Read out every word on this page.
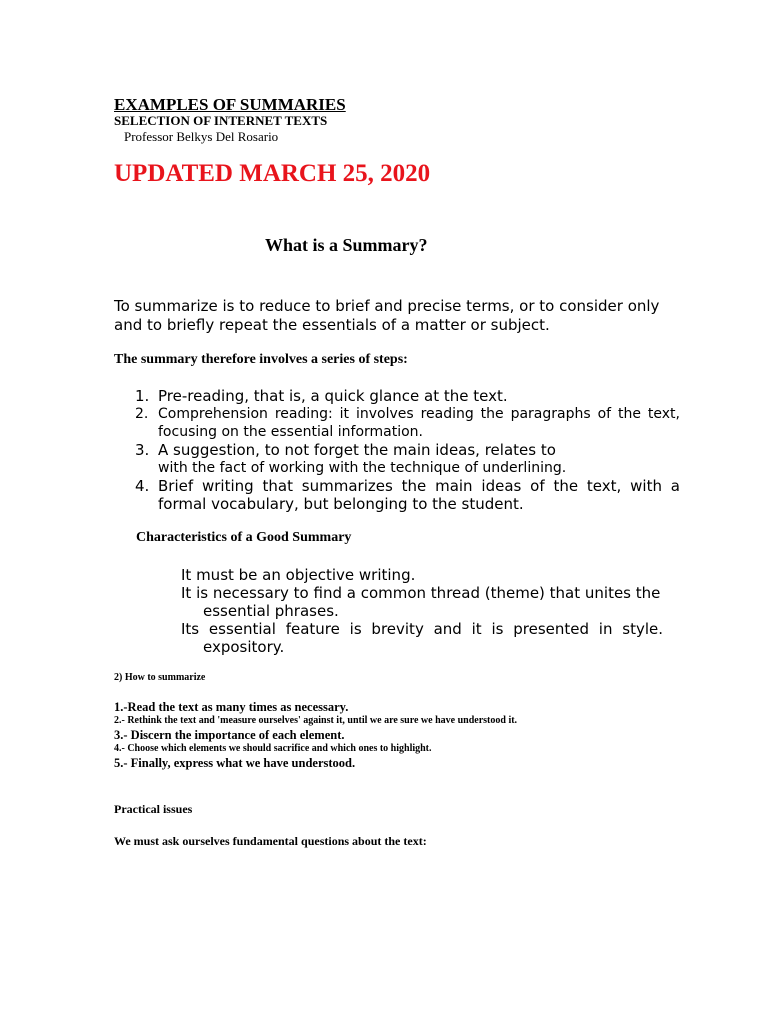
EXAMPLES OF SUMMARIES
SELECTION OF INTERNET TEXTS
Professor Belkys Del Rosario
UPDATED MARCH 25, 2020
What is a Summary?
To summarize is to reduce to brief and precise terms, or to consider only and to briefly repeat the essentials of a matter or subject.
The summary therefore involves a series of steps:
1. Pre-reading, that is, a quick glance at the text.
2. Comprehension reading: it involves reading the paragraphs of the text, focusing on the essential information.
3. A suggestion, to not forget the main ideas, relates to
with the fact of working with the technique of underlining.
4. Brief writing that summarizes the main ideas of the text, with a formal vocabulary, but belonging to the student.
Characteristics of a Good Summary
It must be an objective writing.
It is necessary to find a common thread (theme) that unites the essential phrases.
Its essential feature is brevity and it is presented in style. expository.
2) How to summarize
1.-Read the text as many times as necessary.
2.- Rethink the text and 'measure ourselves' against it, until we are sure we have understood it.
3.- Discern the importance of each element.
4.- Choose which elements we should sacrifice and which ones to highlight.
5.- Finally, express what we have understood.
Practical issues
We must ask ourselves fundamental questions about the text:
